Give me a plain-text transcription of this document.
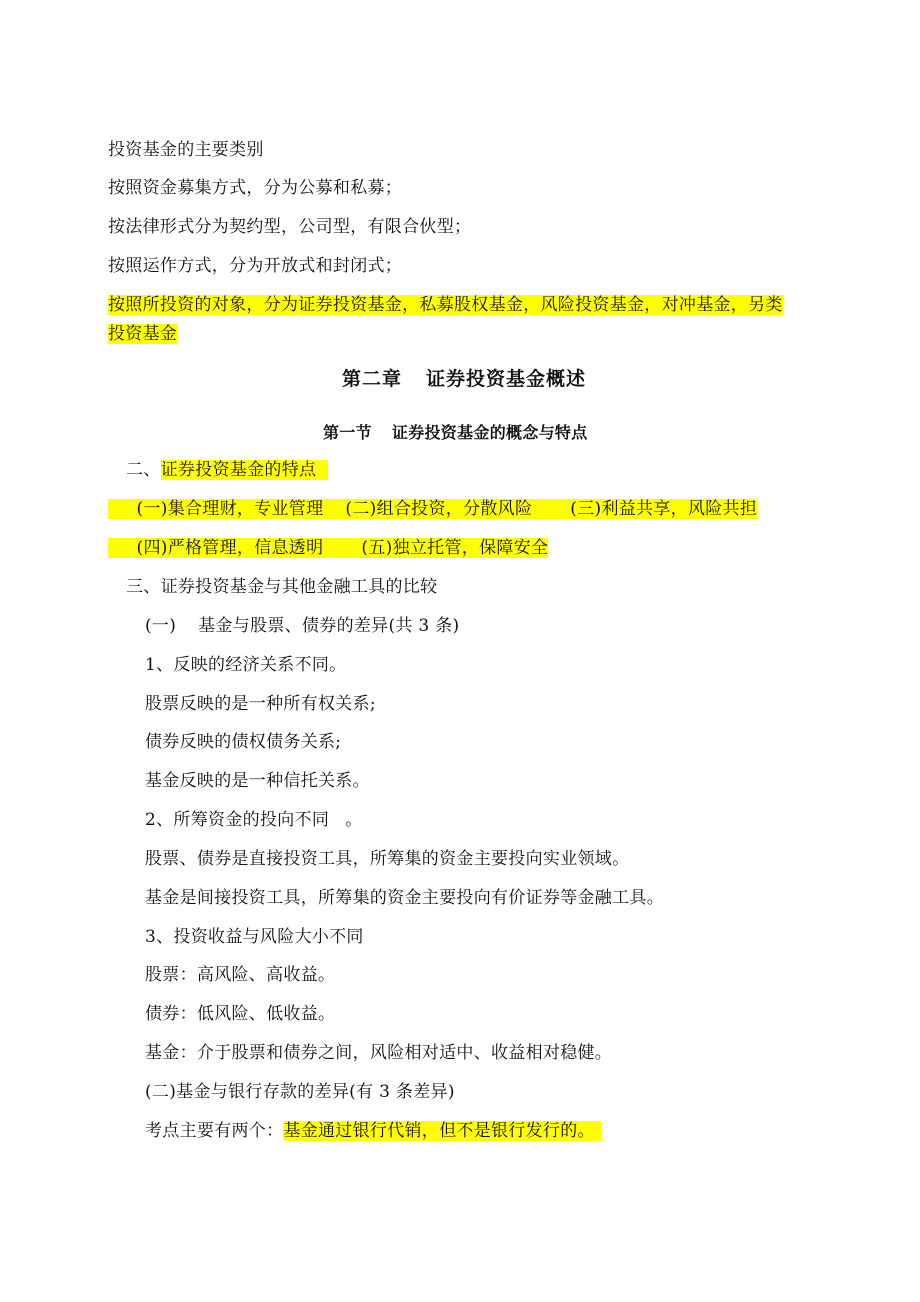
投资基金的主要类别
按照资金募集方式，分为公募和私募；
按法律形式分为契约型，公司型，有限合伙型；
按照运作方式，分为开放式和封闭式；
按照所投资的对象，分为证券投资基金，私募股权基金，风险投资基金，对冲基金，另类
投资基金
第二章 证券投资基金概述
第一节 证券投资基金的概念与特点
二、证券投资基金的特点
(一)集合理财，专业管理 (二)组合投资，分散风险 (三)利益共享，风险共担
(四)严格管理，信息透明 (五)独立托管，保障安全
三、证券投资基金与其他金融工具的比较
(一) 基金与股票、债券的差异(共 3 条)
1、反映的经济关系不同。
股票反映的是一种所有权关系;
债券反映的债权债务关系;
基金反映的是一种信托关系。
2、所筹资金的投向不同 。
股票、债券是直接投资工具，所筹集的资金主要投向实业领域。
基金是间接投资工具，所筹集的资金主要投向有价证券等金融工具。
3、投资收益与风险大小不同
股票：高风险、高收益。
债券：低风险、低收益。
基金：介于股票和债券之间，风险相对适中、收益相对稳健。
(二)基金与银行存款的差异(有 3 条差异)
考点主要有两个：基金通过银行代销，但不是银行发行的。
